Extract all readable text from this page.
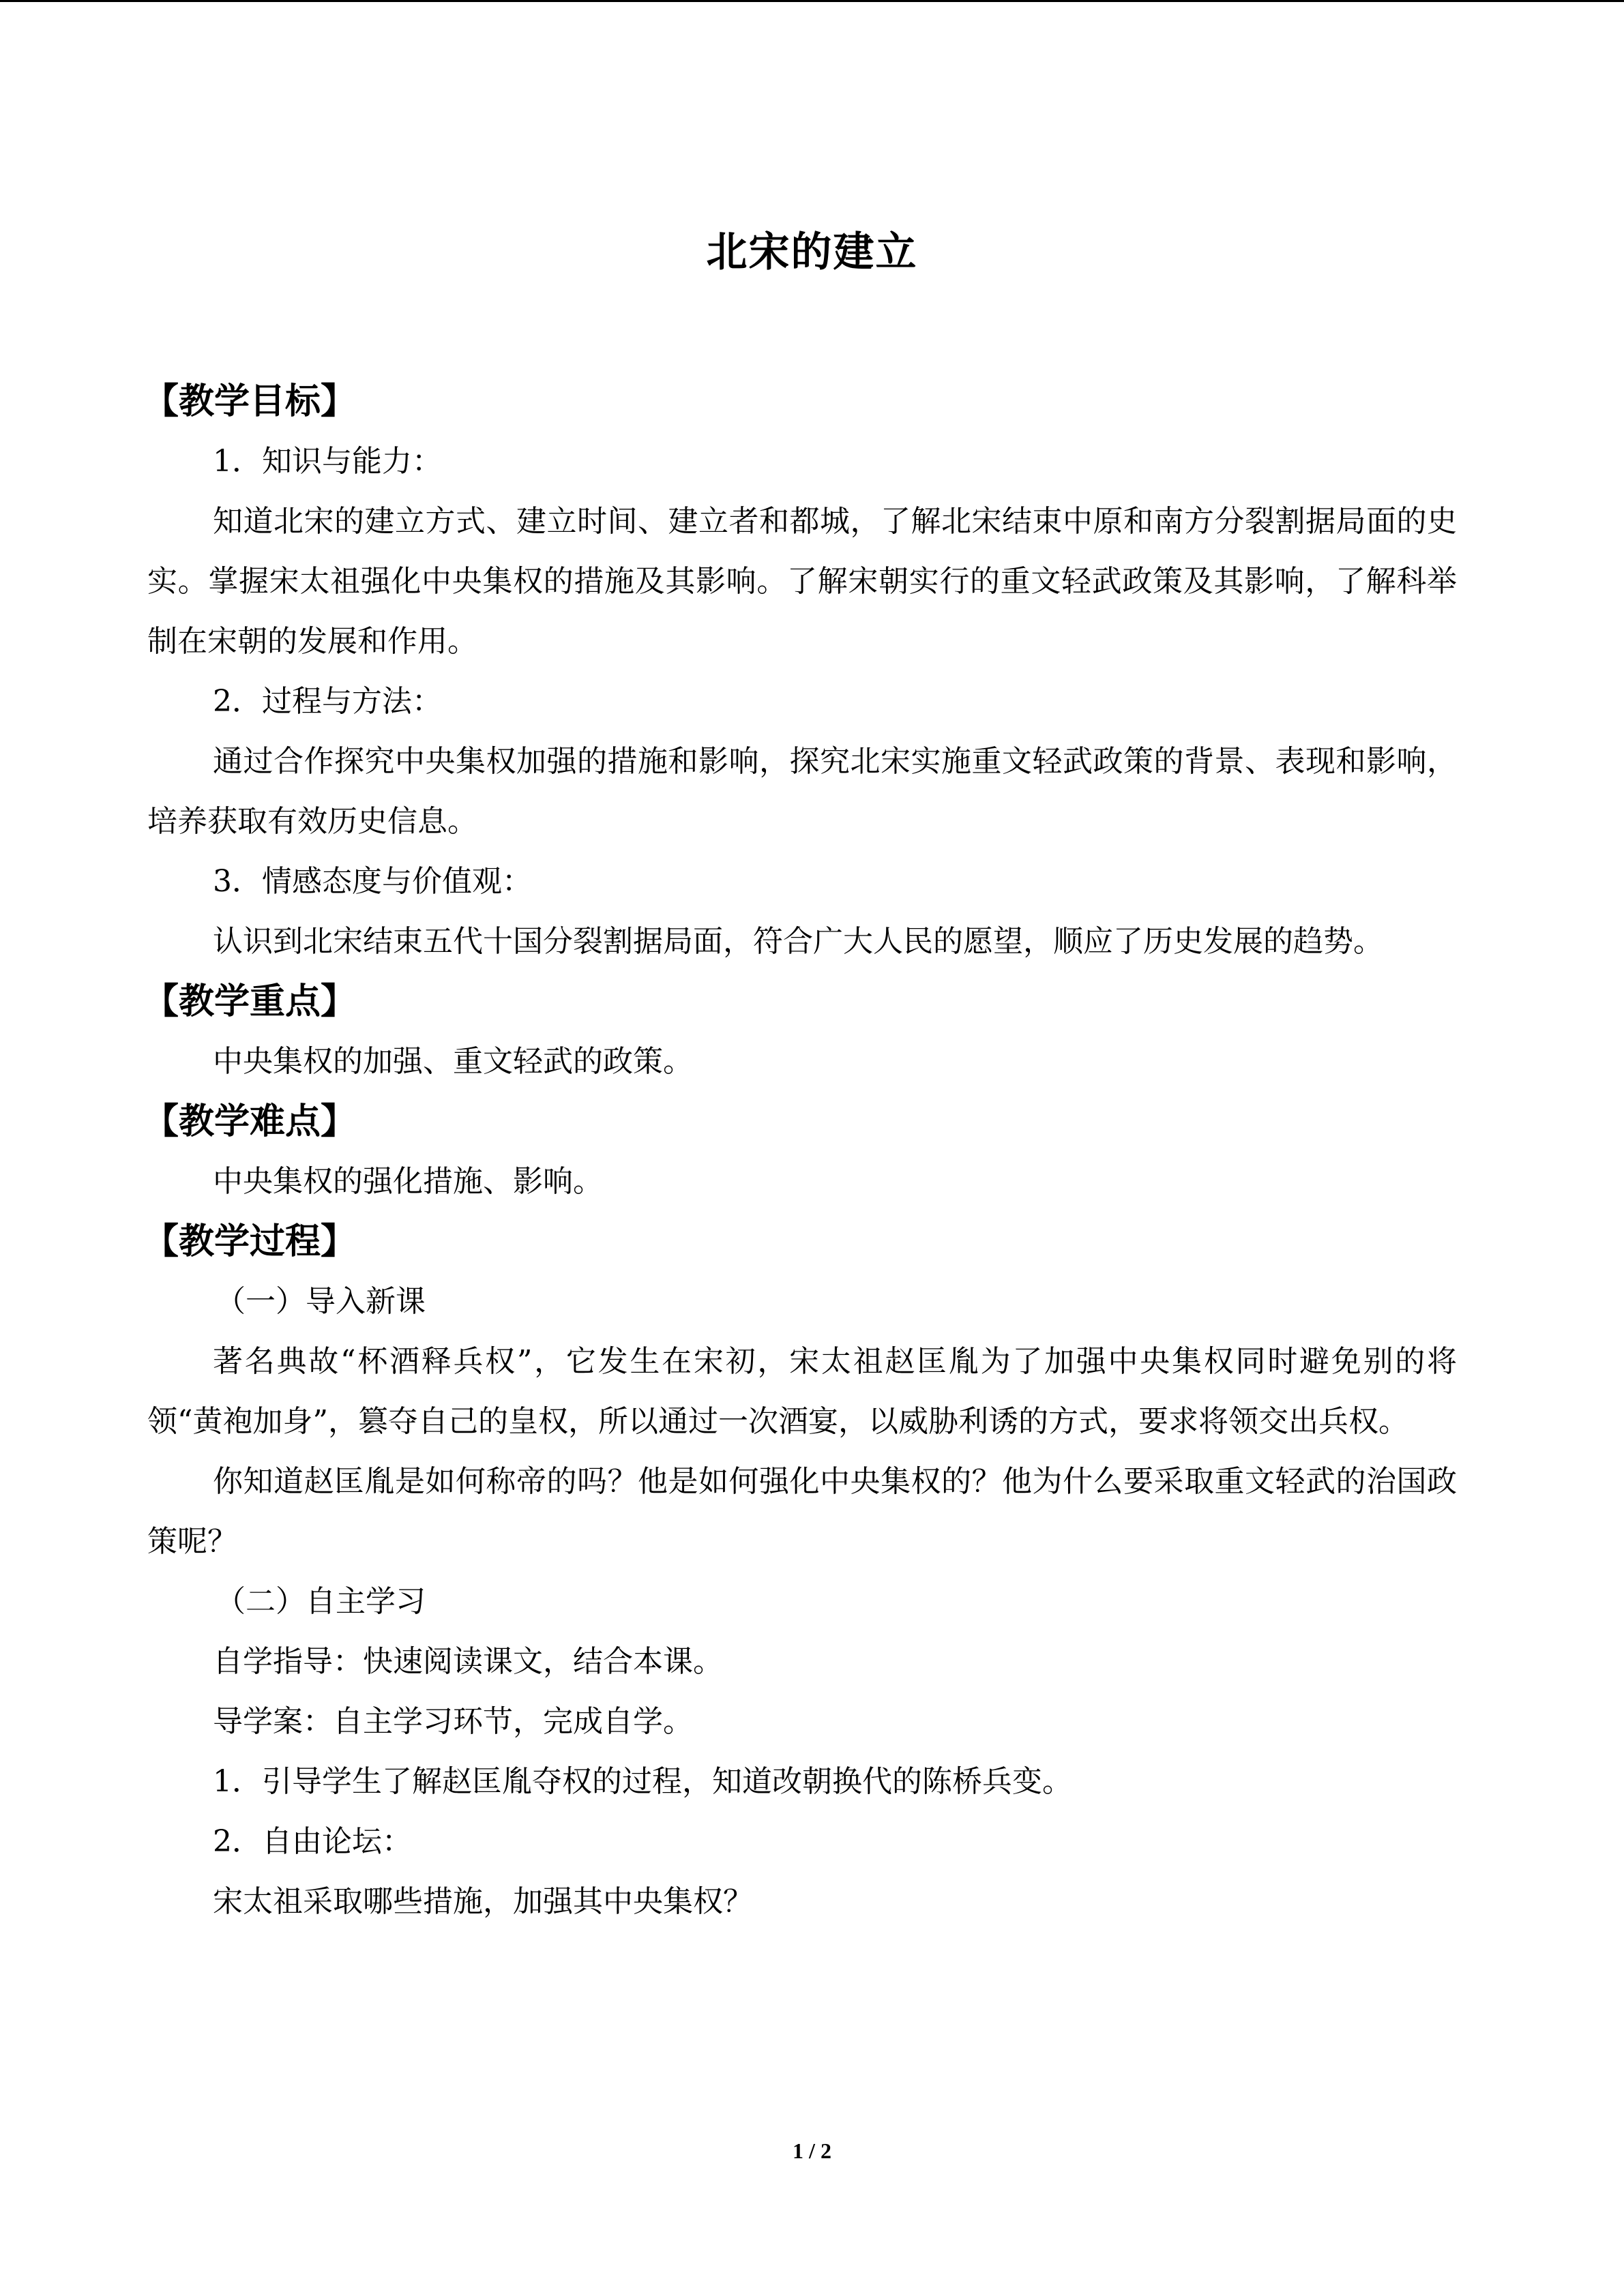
北宋的建立
【教学目标】
1．知识与能力：
知道北宋的建立方式、建立时间、建立者和都城，了解北宋结束中原和南方分裂割据局面的史实。掌握宋太祖强化中央集权的措施及其影响。了解宋朝实行的重文轻武政策及其影响，了解科举制在宋朝的发展和作用。
2．过程与方法：
通过合作探究中央集权加强的措施和影响，探究北宋实施重文轻武政策的背景、表现和影响，培养获取有效历史信息。
3．情感态度与价值观：
认识到北宋结束五代十国分裂割据局面，符合广大人民的愿望，顺应了历史发展的趋势。
【教学重点】
中央集权的加强、重文轻武的政策。
【教学难点】
中央集权的强化措施、影响。
【教学过程】
（一）导入新课
著名典故“杯酒释兵权”，它发生在宋初，宋太祖赵匡胤为了加强中央集权同时避免别的将领“黄袍加身”，篡夺自己的皇权，所以通过一次酒宴，以威胁利诱的方式，要求将领交出兵权。
你知道赵匡胤是如何称帝的吗？他是如何强化中央集权的？他为什么要采取重文轻武的治国政策呢？
（二）自主学习
自学指导：快速阅读课文，结合本课。
导学案：自主学习环节，完成自学。
1．引导学生了解赵匡胤夺权的过程，知道改朝换代的陈桥兵变。
2．自由论坛：
宋太祖采取哪些措施，加强其中央集权？
1 / 2
